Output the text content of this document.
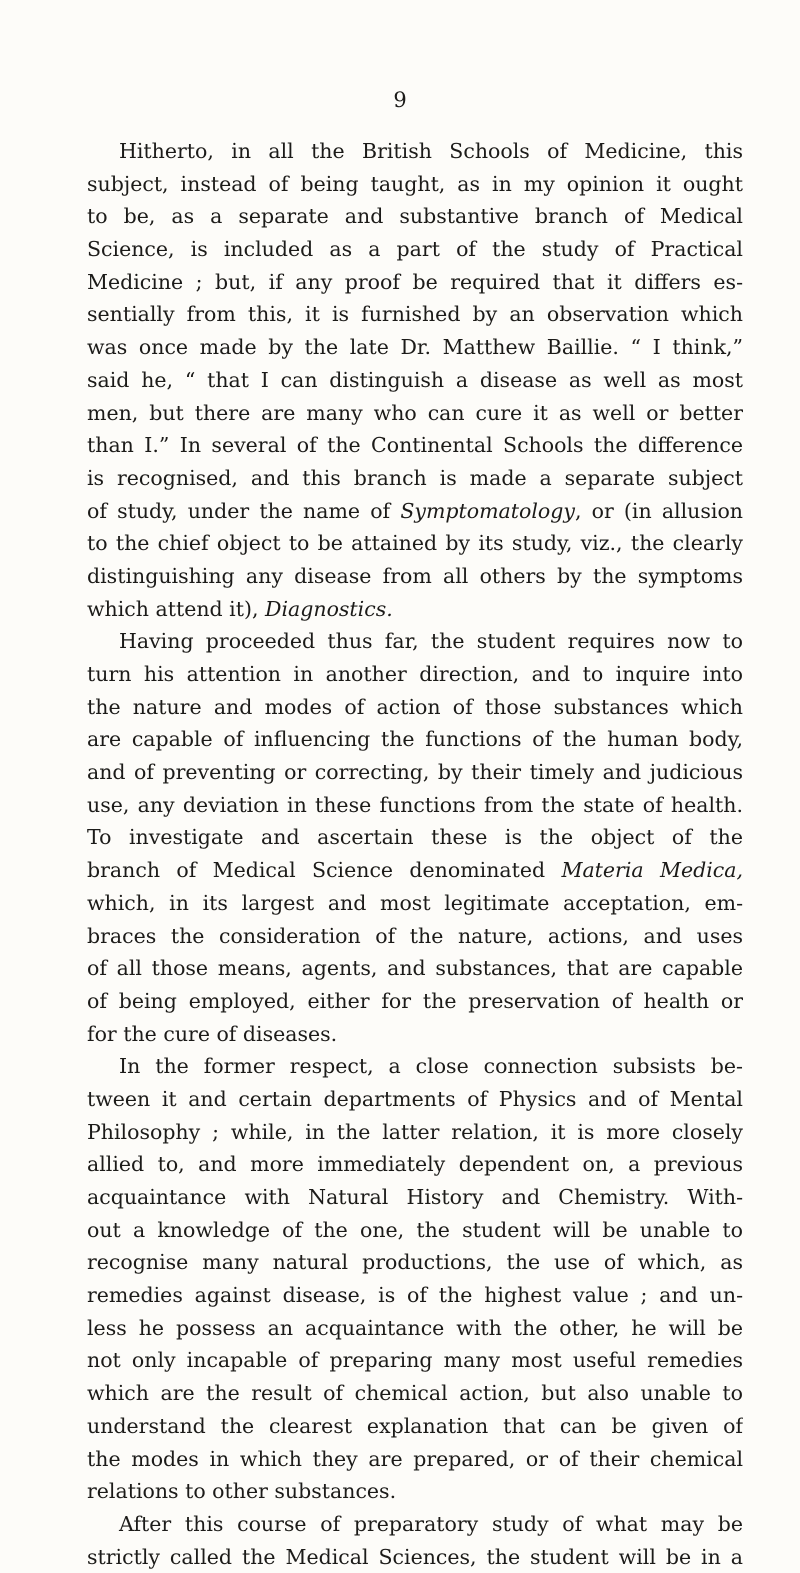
9

Hitherto, in all the British Schools of Medicine, this
subject, instead of being taught, as in my opinion it ought
to be, as a separate and substantive branch of Medical
Science, is included as a part of the study of Practical
Medicine ; but, if any proof be required that it differs es-
sentially from this, it is furnished by an observation which
was once made by the late Dr. Matthew Baillie. “ I think,”
said he, “ that I can distinguish a disease as well as most
men, but there are many who can cure it as well or better
than I.” In several of the Continental Schools the difference
is recognised, and this branch is made a separate subject
of study, under the name of Symptomatology, or (in allusion
to the chief object to be attained by its study, viz., the clearly
distinguishing any disease from all others by the symptoms
which attend it), Diagnostics.

Having proceeded thus far, the student requires now to
turn his attention in another direction, and to inquire into
the nature and modes of action of those substances which
are capable of influencing the functions of the human body,
and of preventing or correcting, by their timely and judicious
use, any deviation in these functions from the state of health.
To investigate and ascertain these is the object of the
branch of Medical Science denominated Materia Medica,
which, in its largest and most legitimate acceptation, em-
braces the consideration of the nature, actions, and uses
of all those means, agents, and substances, that are capable
of being employed, either for the preservation of health or
for the cure of diseases.

In the former respect, a close connection subsists be-
tween it and certain departments of Physics and of Mental
Philosophy ; while, in the latter relation, it is more closely
allied to, and more immediately dependent on, a previous
acquaintance with Natural History and Chemistry. With-
out a knowledge of the one, the student will be unable to
recognise many natural productions, the use of which, as
remedies against disease, is of the highest value ; and un-
less he possess an acquaintance with the other, he will be
not only incapable of preparing many most useful remedies
which are the result of chemical action, but also unable to
understand the clearest explanation that can be given of
the modes in which they are prepared, or of their chemical
relations to other substances.

After this course of preparatory study of what may be
strictly called the Medical Sciences, the student will be in a
